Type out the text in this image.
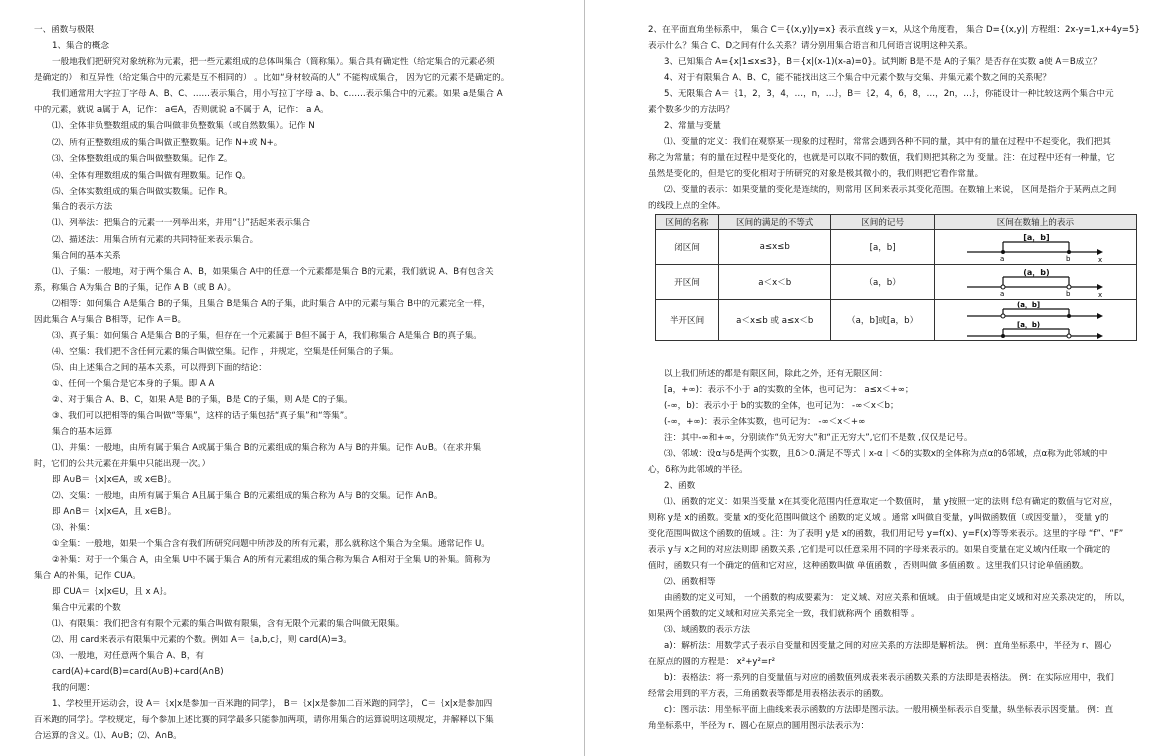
一、函数与极限
1、集合的概念
一般地我们把研究对象统称为元素，把一些元素组成的总体叫集合（简称集）。集合具有确定性（给定集合的元素必须
是确定的） 和互异性（给定集合中的元素是互不相同的） 。比如“身材较高的人” 不能构成集合， 因为它的元素不是确定的。
我们通常用大字拉丁字母 A、B、C、……表示集合，用小写拉丁字母 a、b、c……表示集合中的元素。如果 a是集合 A
中的元素，就说 a属于 A，记作： a∈A，否则就说 a不属于 A，记作： a A。
⑴、全体非负整数组成的集合叫做非负整数集（或自然数集）。记作 N
⑵、所有正整数组成的集合叫做正整数集。记作 N+或 N+。
⑶、全体整数组成的集合叫做整数集。记作 Z。
⑷、全体有理数组成的集合叫做有理数集。记作 Q。
⑸、全体实数组成的集合叫做实数集。记作 R。
集合的表示方法
⑴、列举法：把集合的元素一一列举出来，并用“｛｝”括起来表示集合
⑵、描述法：用集合所有元素的共同特征来表示集合。
集合间的基本关系
⑴、子集：一般地，对于两个集合 A、B，如果集合 A中的任意一个元素都是集合 B的元素，我们就说 A、B有包含关
系，称集合 A为集合 B的子集，记作 A B（或 B A）。
⑵相等：如何集合 A是集合 B的子集，且集合 B是集合 A的子集，此时集合 A中的元素与集合 B中的元素完全一样，
因此集合 A与集合 B相等，记作 A＝B。
⑶、真子集：如何集合 A是集合 B的子集，但存在一个元素属于 B但不属于 A，我们称集合 A是集合 B的真子集。
⑷、空集：我们把不含任何元素的集合叫做空集。记作 ，并规定，空集是任何集合的子集。
⑸、由上述集合之间的基本关系，可以得到下面的结论：
①、任何一个集合是它本身的子集。即 A A
②、对于集合 A、B、C，如果 A是 B的子集，B是 C的子集，则 A是 C的子集。
③、我们可以把相等的集合叫做“等集”，这样的话子集包括“真子集”和“等集”。
集合的基本运算
⑴、并集：一般地，由所有属于集合 A或属于集合 B的元素组成的集合称为 A与 B的并集。记作 A∪B。（在求并集
时，它们的公共元素在并集中只能出现一次。）
即 A∪B＝｛x|x∈A，或 x∈B｝。
⑵、交集：一般地，由所有属于集合 A且属于集合 B的元素组成的集合称为 A与 B的交集。记作 A∩B。
即 A∩B＝｛x|x∈A，且 x∈B｝。
⑶、补集：
①全集：一般地，如果一个集合含有我们所研究问题中所涉及的所有元素，那么就称这个集合为全集。通常记作 U。
②补集：对于一个集合 A，由全集 U中不属于集合 A的所有元素组成的集合称为集合 A相对于全集 U的补集。简称为
集合 A的补集，记作 CUA。
即 CUA＝｛x|x∈U，且 x A｝。
集合中元素的个数
⑴、有限集：我们把含有有限个元素的集合叫做有限集，含有无限个元素的集合叫做无限集。
⑵、用 card来表示有限集中元素的个数。例如 A＝｛a,b,c｝，则 card(A)=3。
⑶、一般地，对任意两个集合 A、B，有
card(A)+card(B)=card(A∪B)+card(A∩B)
我的问题：
1、学校里开运动会，设 A＝｛x|x是参加一百米跑的同学｝， B＝｛x|x是参加二百米跑的同学｝， C＝｛x|x是参加四
百米跑的同学｝。学校规定，每个参加上述比赛的同学最多只能参加两项，请你用集合的运算说明这项规定，并解释以下集
合运算的含义。⑴、A∪B；⑵、A∩B。
2、在平面直角坐标系中， 集合 C＝{(x,y)|y=x} 表示直线 y＝x，从这个角度看， 集合 D={(x,y)| 方程组：2x-y=1,x+4y=5}
表示什么？集合 C、D之间有什么关系？请分别用集合语言和几何语言说明这种关系。
3、已知集合 A={x|1≤x≤3}，B＝{x|(x-1)(x-a)=0}。试判断 B是不是 A的子集？是否存在实数 a使 A＝B成立？
4、对于有限集合 A、B、C，能不能找出这三个集合中元素个数与交集、并集元素个数之间的关系呢？
5、无限集合 A＝｛1，2，3，4，…，n，…｝，B＝｛2，4，6，8，…，2n，…｝，你能设计一种比较这两个集合中元
素个数多少的方法吗？
2、常量与变量
⑴、变量的定义：我们在观察某一现象的过程时，常常会遇到各种不同的量，其中有的量在过程中不起变化，我们把其
称之为常量；有的量在过程中是变化的，也就是可以取不同的数值，我们则把其称之为 变量。注：在过程中还有一种量，它
虽然是变化的，但是它的变化相对于所研究的对象是极其微小的，我们则把它看作常量。
⑵、变量的表示：如果变量的变化是连续的，则常用 区间来表示其变化范围。在数轴上来说， 区间是指介于某两点之间
的线段上点的全体。
区间的名称	区间的满足的不等式	区间的记号	区间在数轴上的表示
闭区间	a≤x≤b	[a，b]	[a，b]
a b x

开区间	a＜x＜b	（a，b）	(a，b)
a b x

半开区间	a＜x≤b 或 a≤x＜b	（a，b]或[a，b）	(a，b]
[a，b)
以上我们所述的都是有限区间，除此之外，还有无限区间：
[a，+∞)：表示不小于 a的实数的全体，也可记为： a≤x＜+∞；
(-∞，b)：表示小于 b的实数的全体，也可记为： -∞＜x＜b；
(-∞，+∞)：表示全体实数，也可记为： -∞＜x＜+∞
注：其中-∞和+∞，分别读作“负无穷大”和“正无穷大”,它们不是数 ,仅仅是记号。
⑶、邻域：设α与δ是两个实数，且δ＞0.满足不等式｜x-α｜＜δ的实数x的全体称为点α的δ邻域，点α称为此邻域的中
心，δ称为此邻域的半径。
2、函数
⑴、函数的定义：如果当变量 x在其变化范围内任意取定一个数值时， 量 y按照一定的法则 f总有确定的数值与它对应，
则称 y是 x的函数。变量 x的变化范围叫做这个 函数的定义域 。通常 x叫做自变量，y叫做函数值（或因变量）， 变量 y的
变化范围叫做这个函数的值域 。注：为了表明 y是 x的函数，我们用记号 y=f(x)、y=F(x)等等来表示。这里的字母 “f”、“F”
表示 y与 x之间的对应法则即 函数关系 ,它们是可以任意采用不同的字母来表示的。如果自变量在定义域内任取一个确定的
值时，函数只有一个确定的值和它对应，这种函数叫做 单值函数 ，否则叫做 多值函数 。这里我们只讨论单值函数。
⑵、函数相等
由函数的定义可知， 一个函数的构成要素为： 定义域、对应关系和值域。 由于值域是由定义域和对应关系决定的， 所以，
如果两个函数的定义域和对应关系完全一致，我们就称两个 函数相等 。
⑶、域函数的表示方法
a)：解析法：用数学式子表示自变量和因变量之间的对应关系的方法即是解析法。 例：直角坐标系中，半径为 r、圆心
在原点的圆的方程是： x²+y²=r²
b)：表格法：将一系列的自变量值与对应的函数值列成表来表示函数关系的方法即是表格法。 例：在实际应用中，我们
经常会用到的平方表，三角函数表等都是用表格法表示的函数。
c)：图示法：用坐标平面上曲线来表示函数的方法即是图示法。一般用横坐标表示自变量，纵坐标表示因变量。 例：直
角坐标系中，半径为 r、圆心在原点的圆用图示法表示为：
